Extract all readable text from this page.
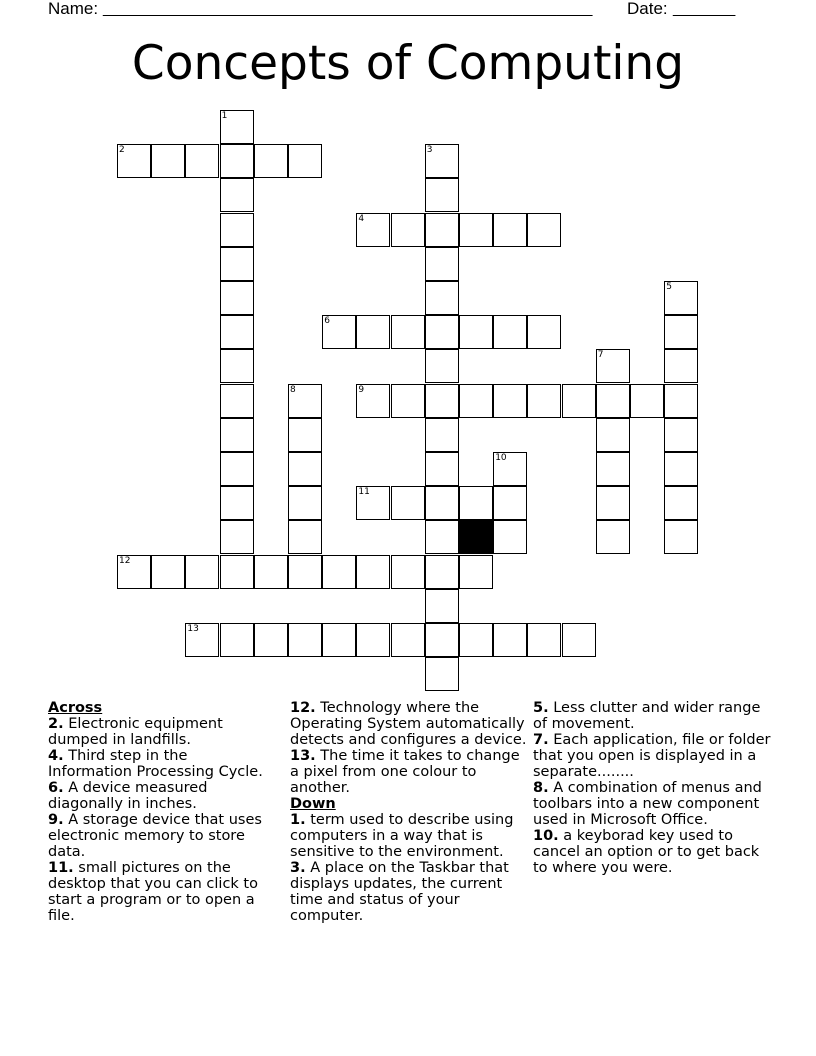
Name: _______________________________________________________ Date: _______
Concepts of Computing
1
2	3
4
5
6
7
8	9
10
11
12
13
Across
2. Electronic equipment dumped in landfills.
4. Third step in the Information Processing Cycle.
6. A device measured diagonally in inches.
9. A storage device that uses electronic memory to store data.
11. small pictures on the desktop that you can click to start a program or to open a file.
12. Technology where the Operating System automatically detects and configures a device.
13. The time it takes to change a pixel from one colour to another.
Down
1. term used to describe using computers in a way that is sensitive to the environment.
3. A place on the Taskbar that displays updates, the current time and status of your computer.
5. Less clutter and wider range of movement.
7. Each application, file or folder that you open is displayed in a separate........
8. A combination of menus and toolbars into a new component used in Microsoft Office.
10. a keyborad key used to cancel an option or to get back to where you were.
